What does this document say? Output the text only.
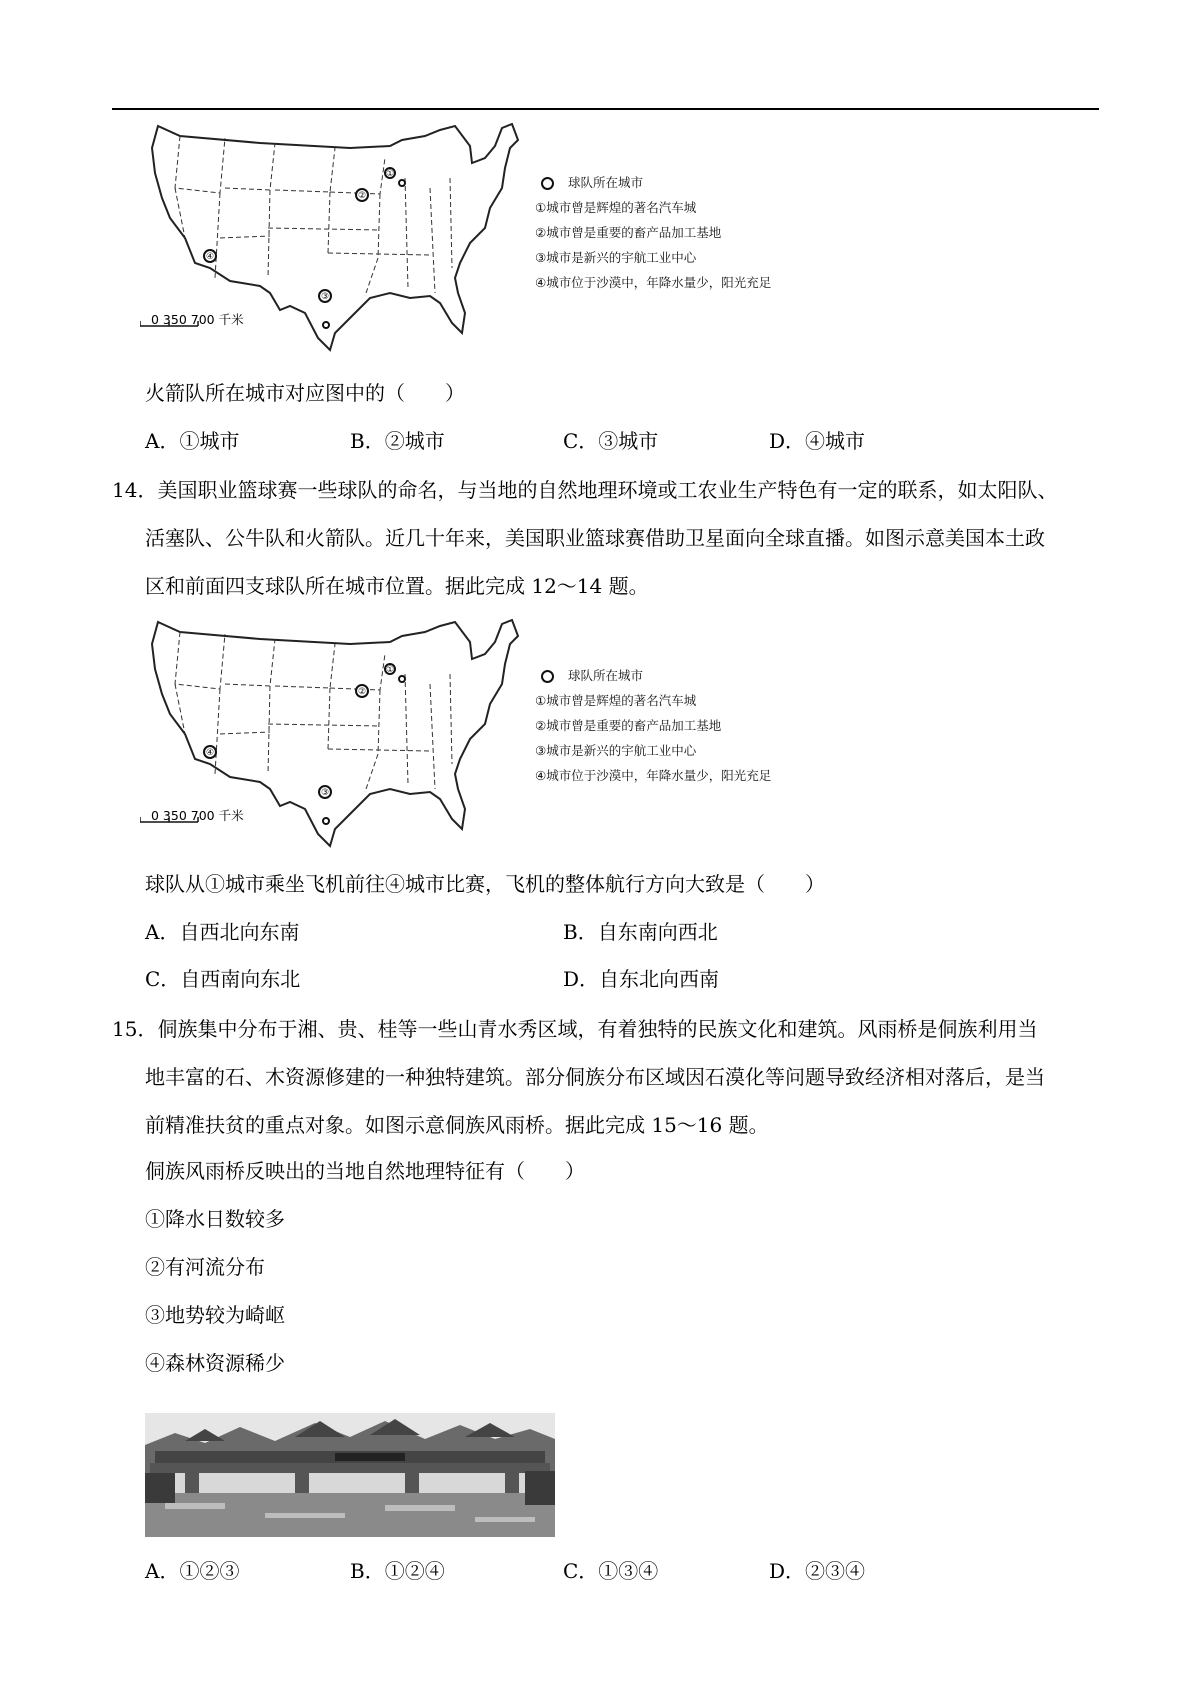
①
②
③
④
0 350 700 千米
球队所在城市
①城市曾是辉煌的著名汽车城
②城市曾是重要的畜产品加工基地
③城市是新兴的宇航工业中心
④城市位于沙漠中，年降水量少，阳光充足
火箭队所在城市对应图中的（　　）
A．①城市	B．②城市	C．③城市	D．④城市
14．美国职业篮球赛一些球队的命名，与当地的自然地理环境或工农业生产特色有一定的联系，如太阳队、
活塞队、公牛队和火箭队。近几十年来，美国职业篮球赛借助卫星面向全球直播。如图示意美国本土政
区和前面四支球队所在城市位置。据此完成 12～14 题。
①
②
③
④
0 350 700 千米
球队所在城市
①城市曾是辉煌的著名汽车城
②城市曾是重要的畜产品加工基地
③城市是新兴的宇航工业中心
④城市位于沙漠中，年降水量少，阳光充足
球队从①城市乘坐飞机前往④城市比赛，飞机的整体航行方向大致是（　　）
A．自西北向东南	B．自东南向西北
C．自西南向东北	D．自东北向西南
15．侗族集中分布于湘、贵、桂等一些山青水秀区域，有着独特的民族文化和建筑。风雨桥是侗族利用当
地丰富的石、木资源修建的一种独特建筑。部分侗族分布区域因石漠化等问题导致经济相对落后，是当
前精准扶贫的重点对象。如图示意侗族风雨桥。据此完成 15～16 题。
侗族风雨桥反映出的当地自然地理特征有（　　）
①降水日数较多
②有河流分布
③地势较为崎岖
④森林资源稀少
A．①②③	B．①②④	C．①③④	D．②③④
